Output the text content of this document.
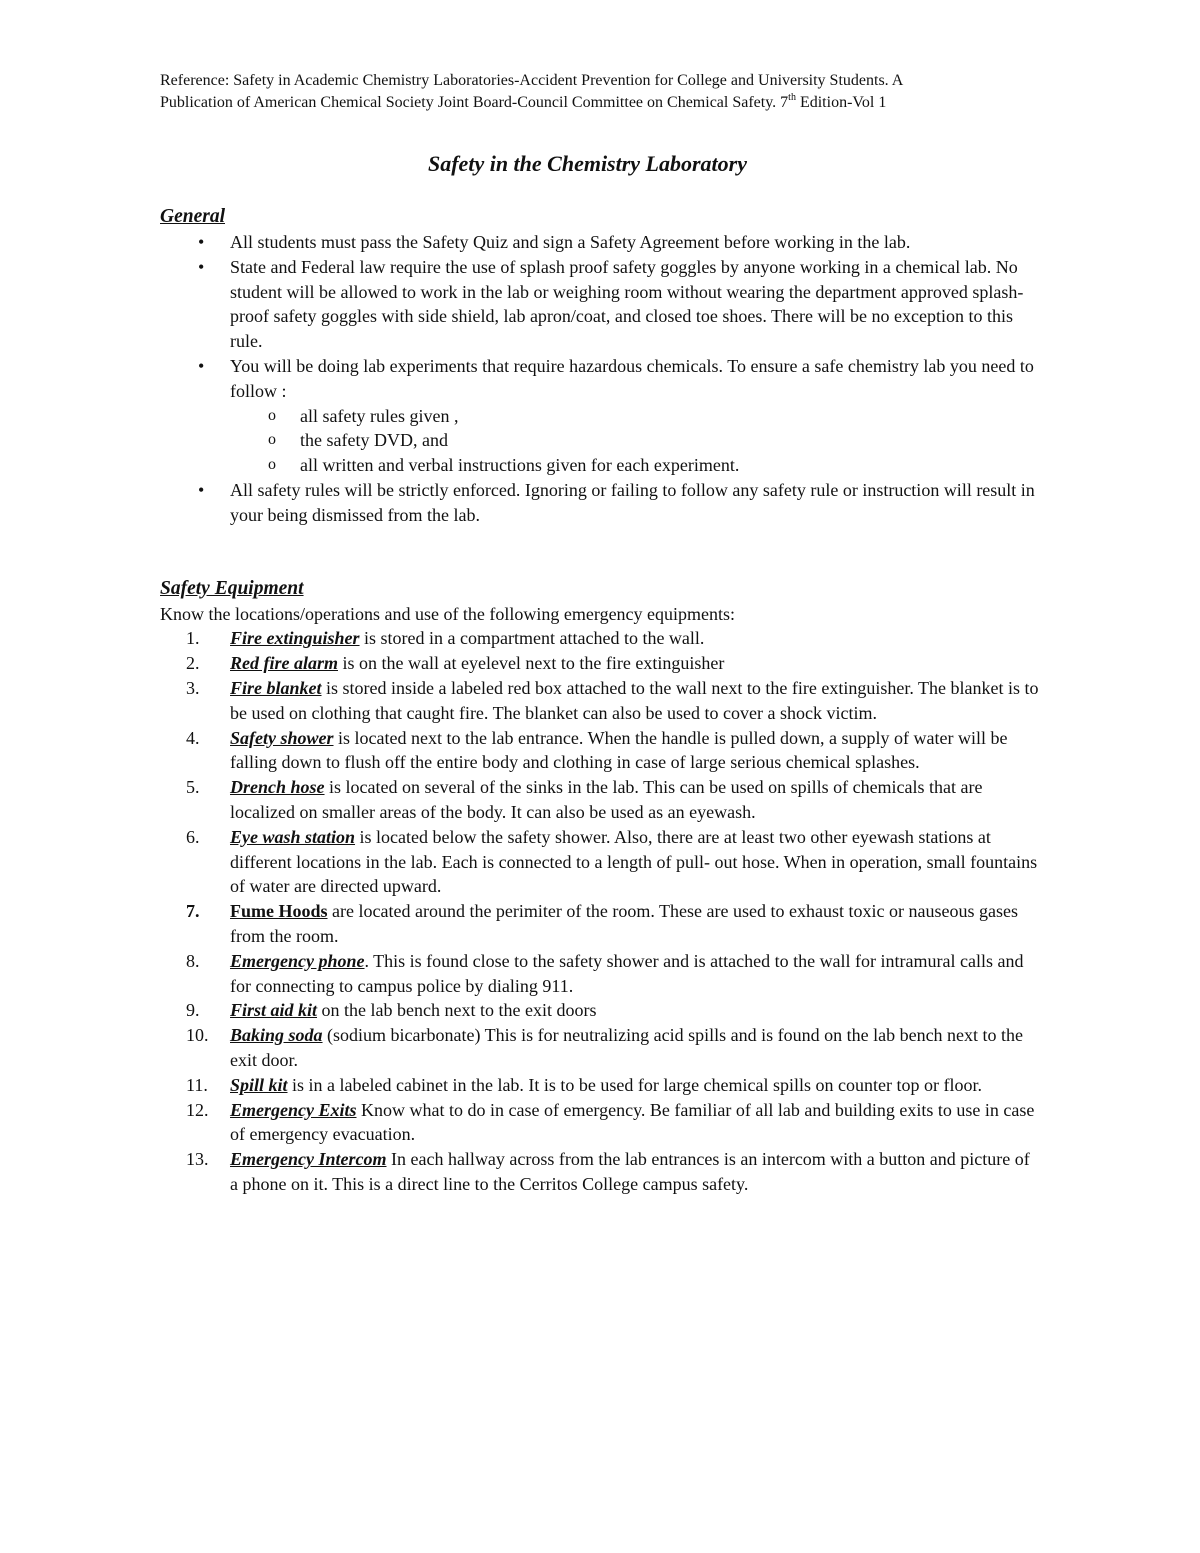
Reference: Safety in Academic Chemistry Laboratories-Accident Prevention for College and University Students. A
Publication of American Chemical Society Joint Board-Council Committee on Chemical Safety. 7th Edition-Vol 1

Safety in the Chemistry Laboratory
General
• All students must pass the Safety Quiz and sign a Safety Agreement before working in the lab.
• State and Federal law require the use of splash proof safety goggles by anyone working in a chemical lab. No student will be allowed to work in the lab or weighing room without wearing the department approved splash-proof safety goggles with side shield, lab apron/coat, and closed toe shoes. There will be no exception to this rule.
• You will be doing lab experiments that require hazardous chemicals. To ensure a safe chemistry lab you need to follow :
o all safety rules given ,
o the safety DVD, and
o all written and verbal instructions given for each experiment.
• All safety rules will be strictly enforced. Ignoring or failing to follow any safety rule or instruction will result in your being dismissed from the lab.
Safety Equipment

Know the locations/operations and use of the following emergency equipments:

1.	Fire extinguisher is stored in a compartment attached to the wall.
2.	Red fire alarm is on the wall at eyelevel next to the fire extinguisher
3.	Fire blanket is stored inside a labeled red box attached to the wall next to the fire extinguisher. The blanket is to be used on clothing that caught fire. The blanket can also be used to cover a shock victim.
4.	Safety shower is located next to the lab entrance. When the handle is pulled down, a supply of water will be falling down to flush off the entire body and clothing in case of large serious chemical splashes.
5.	Drench hose is located on several of the sinks in the lab. This can be used on spills of chemicals that are localized on smaller areas of the body. It can also be used as an eyewash.
6.	Eye wash station is located below the safety shower. Also, there are at least two other eyewash stations at different locations in the lab. Each is connected to a length of pull- out hose. When in operation, small fountains of water are directed upward.
7.	Fume Hoods are located around the perimiter of the room. These are used to exhaust toxic or nauseous gases from the room.
8.	Emergency phone. This is found close to the safety shower and is attached to the wall for intramural calls and for connecting to campus police by dialing 911.
9.	First aid kit on the lab bench next to the exit doors
10.	Baking soda (sodium bicarbonate) This is for neutralizing acid spills and is found on the lab bench next to the exit door.
11.	Spill kit is in a labeled cabinet in the lab. It is to be used for large chemical spills on counter top or floor.
12.	Emergency Exits Know what to do in case of emergency. Be familiar of all lab and building exits to use in case of emergency evacuation.
13.	Emergency Intercom In each hallway across from the lab entrances is an intercom with a button and picture of a phone on it. This is a direct line to the Cerritos College campus safety.
